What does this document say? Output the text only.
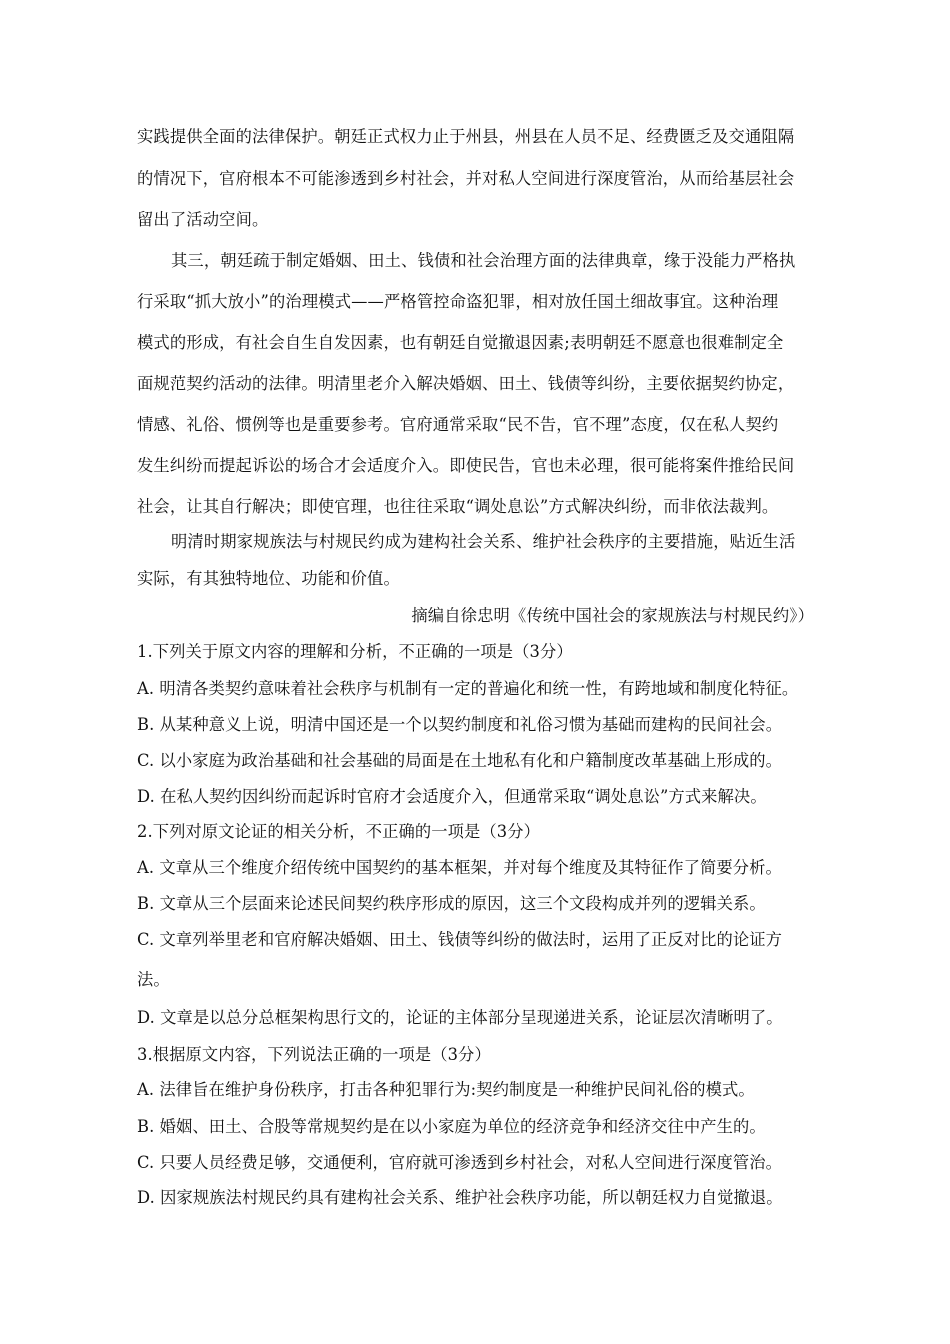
实践提供全面的法律保护。朝廷正式权力止于州县，州县在人员不足、经费匮乏及交通阻隔
的情况下，官府根本不可能渗透到乡村社会，并对私人空间进行深度管治，从而给基层社会
留出了活动空间。
其三，朝廷疏于制定婚姻、田土、钱债和社会治理方面的法律典章，缘于没能力严格执
行采取“抓大放小”的治理模式——严格管控命盗犯罪，相对放任国土细故事宜。这种治理
模式的形成，有社会自生自发因素，也有朝廷自觉撤退因素;表明朝廷不愿意也很难制定全
面规范契约活动的法律。明清里老介入解决婚姻、田土、钱债等纠纷，主要依据契约协定，
情感、礼俗、惯例等也是重要参考。官府通常采取“民不告，官不理”态度，仅在私人契约
发生纠纷而提起诉讼的场合才会适度介入。即使民告，官也未必理，很可能将案件推给民间
社会，让其自行解决；即使官理，也往往采取“调处息讼”方式解决纠纷，而非依法裁判。
明清时期家规族法与村规民约成为建构社会关系、维护社会秩序的主要措施，贴近生活
实际，有其独特地位、功能和价值。
摘编自徐忠明《传统中国社会的家规族法与村规民约》）
1.下列关于原文内容的理解和分析，不正确的一项是（3分）
A. 明清各类契约意味着社会秩序与机制有一定的普遍化和统一性，有跨地域和制度化特征。
B. 从某种意义上说，明清中国还是一个以契约制度和礼俗习惯为基础而建构的民间社会。
C. 以小家庭为政治基础和社会基础的局面是在土地私有化和户籍制度改革基础上形成的。
D. 在私人契约因纠纷而起诉时官府才会适度介入，但通常采取“调处息讼”方式来解决。
2.下列对原文论证的相关分析，不正确的一项是（3分）
A. 文章从三个维度介绍传统中国契约的基本框架，并对每个维度及其特征作了简要分析。
B. 文章从三个层面来论述民间契约秩序形成的原因，这三个文段构成并列的逻辑关系。
C. 文章列举里老和官府解决婚姻、田土、钱债等纠纷的做法时，运用了正反对比的论证方
法。
D. 文章是以总分总框架构思行文的，论证的主体部分呈现递进关系，论证层次清晰明了。
3.根据原文内容，下列说法正确的一项是（3分）
A. 法律旨在维护身份秩序，打击各种犯罪行为:契约制度是一种维护民间礼俗的模式。
B. 婚姻、田土、合股等常规契约是在以小家庭为单位的经济竞争和经济交往中产生的。
C. 只要人员经费足够，交通便利，官府就可渗透到乡村社会，对私人空间进行深度管治。
D. 因家规族法村规民约具有建构社会关系、维护社会秩序功能，所以朝廷权力自觉撤退。
